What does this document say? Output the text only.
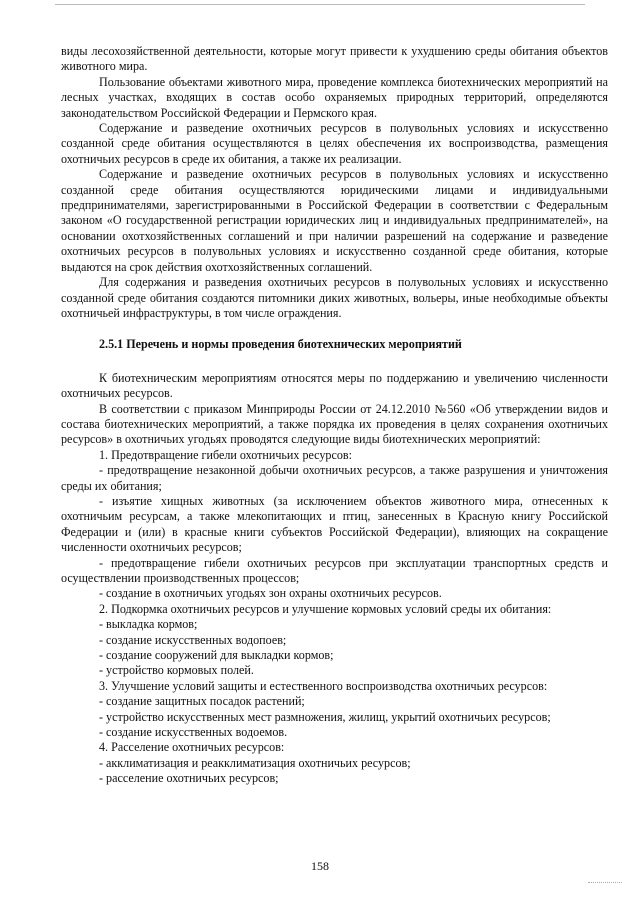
виды лесохозяйственной деятельности, которые могут привести к ухудшению среды обитания объектов животного мира.

Пользование объектами животного мира, проведение комплекса биотехнических мероприятий на лесных участках, входящих в состав особо охраняемых природных территорий, определяются законодательством Российской Федерации и Пермского края.

Содержание и разведение охотничьих ресурсов в полувольных условиях и искусственно созданной среде обитания осуществляются в целях обеспечения их воспроизводства, размещения охотничьих ресурсов в среде их обитания, а также их реализации.

Содержание и разведение охотничьих ресурсов в полувольных условиях и искусственно созданной среде обитания осуществляются юридическими лицами и индивидуальными предпринимателями, зарегистрированными в Российской Федерации в соответствии с Федеральным законом «О государственной регистрации юридических лиц и индивидуальных предпринимателей», на основании охотхозяйственных соглашений и при наличии разрешений на содержание и разведение охотничьих ресурсов в полувольных условиях и искусственно созданной среде обитания, которые выдаются на срок действия охотхозяйственных соглашений.

Для содержания и разведения охотничьих ресурсов в полувольных условиях и искусственно созданной среде обитания создаются питомники диких животных, вольеры, иные необходимые объекты охотничьей инфраструктуры, в том числе ограждения.

2.5.1 Перечень и нормы проведения биотехнических мероприятий

К биотехническим мероприятиям относятся меры по поддержанию и увеличению численности охотничьих ресурсов.

В соответствии с приказом Минприроды России от 24.12.2010 №560 «Об утверждении видов и состава биотехнических мероприятий, а также порядка их проведения в целях сохранения охотничьих ресурсов» в охотничьих угодьях проводятся следующие виды биотехнических мероприятий:

1. Предотвращение гибели охотничьих ресурсов:

- предотвращение незаконной добычи охотничьих ресурсов, а также разрушения и уничтожения среды их обитания;

- изъятие хищных животных (за исключением объектов животного мира, отнесенных к охотничьим ресурсам, а также млекопитающих и птиц, занесенных в Красную книгу Российской Федерации и (или) в красные книги субъектов Российской Федерации), влияющих на сокращение численности охотничьих ресурсов;

- предотвращение гибели охотничьих ресурсов при эксплуатации транспортных средств и осуществлении производственных процессов;

- создание в охотничьих угодьях зон охраны охотничьих ресурсов.

2. Подкормка охотничьих ресурсов и улучшение кормовых условий среды их обитания:

- выкладка кормов;

- создание искусственных водопоев;

- создание сооружений для выкладки кормов;

- устройство кормовых полей.

3. Улучшение условий защиты и естественного воспроизводства охотничьих ресурсов:

- создание защитных посадок растений;

- устройство искусственных мест размножения, жилищ, укрытий охотничьих ресурсов;

- создание искусственных водоемов.

4. Расселение охотничьих ресурсов:

- акклиматизация и реакклиматизация охотничьих ресурсов;

- расселение охотничьих ресурсов;

158
